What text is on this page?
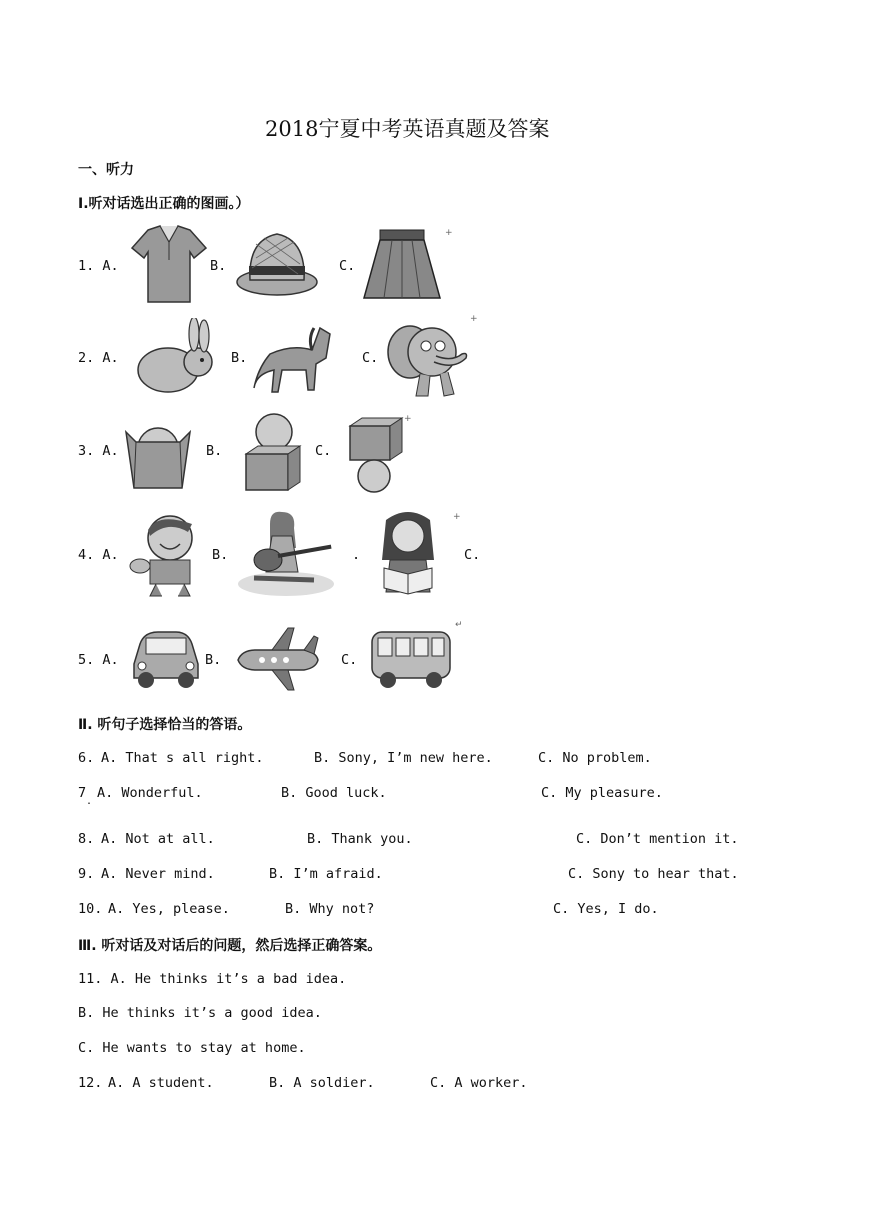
2018宁夏中考英语真题及答案
一、听力
Ⅰ.听对话选出正确的图画。）
1. A.	B.	C.
+
2. A.	B.	C.
+
3. A.	B.	C.
+
4. A.	B.	.
+
C.
5. A.	B.	C.
↵
Ⅱ. 听句子选择恰当的答语。
6. A. That s all right.	B. Sony, I’m new here.	C. No problem.
7
.
A. Wonderful.	B. Good luck.	C. My pleasure.
8. A. Not at all.	B. Thank you.	C. Don’t mention it.
9. A. Never mind.	B. I’m afraid.	C. Sony to hear that.
10. A. Yes, please.	B. Why not?	C. Yes, I do.
Ⅲ. 听对话及对话后的问题，然后选择正确答案。
11. A. He thinks it’s a bad idea.
B. He thinks it’s a good idea.
C. He wants to stay at home.
12. A. A student.	B. A soldier.	C. A worker.
